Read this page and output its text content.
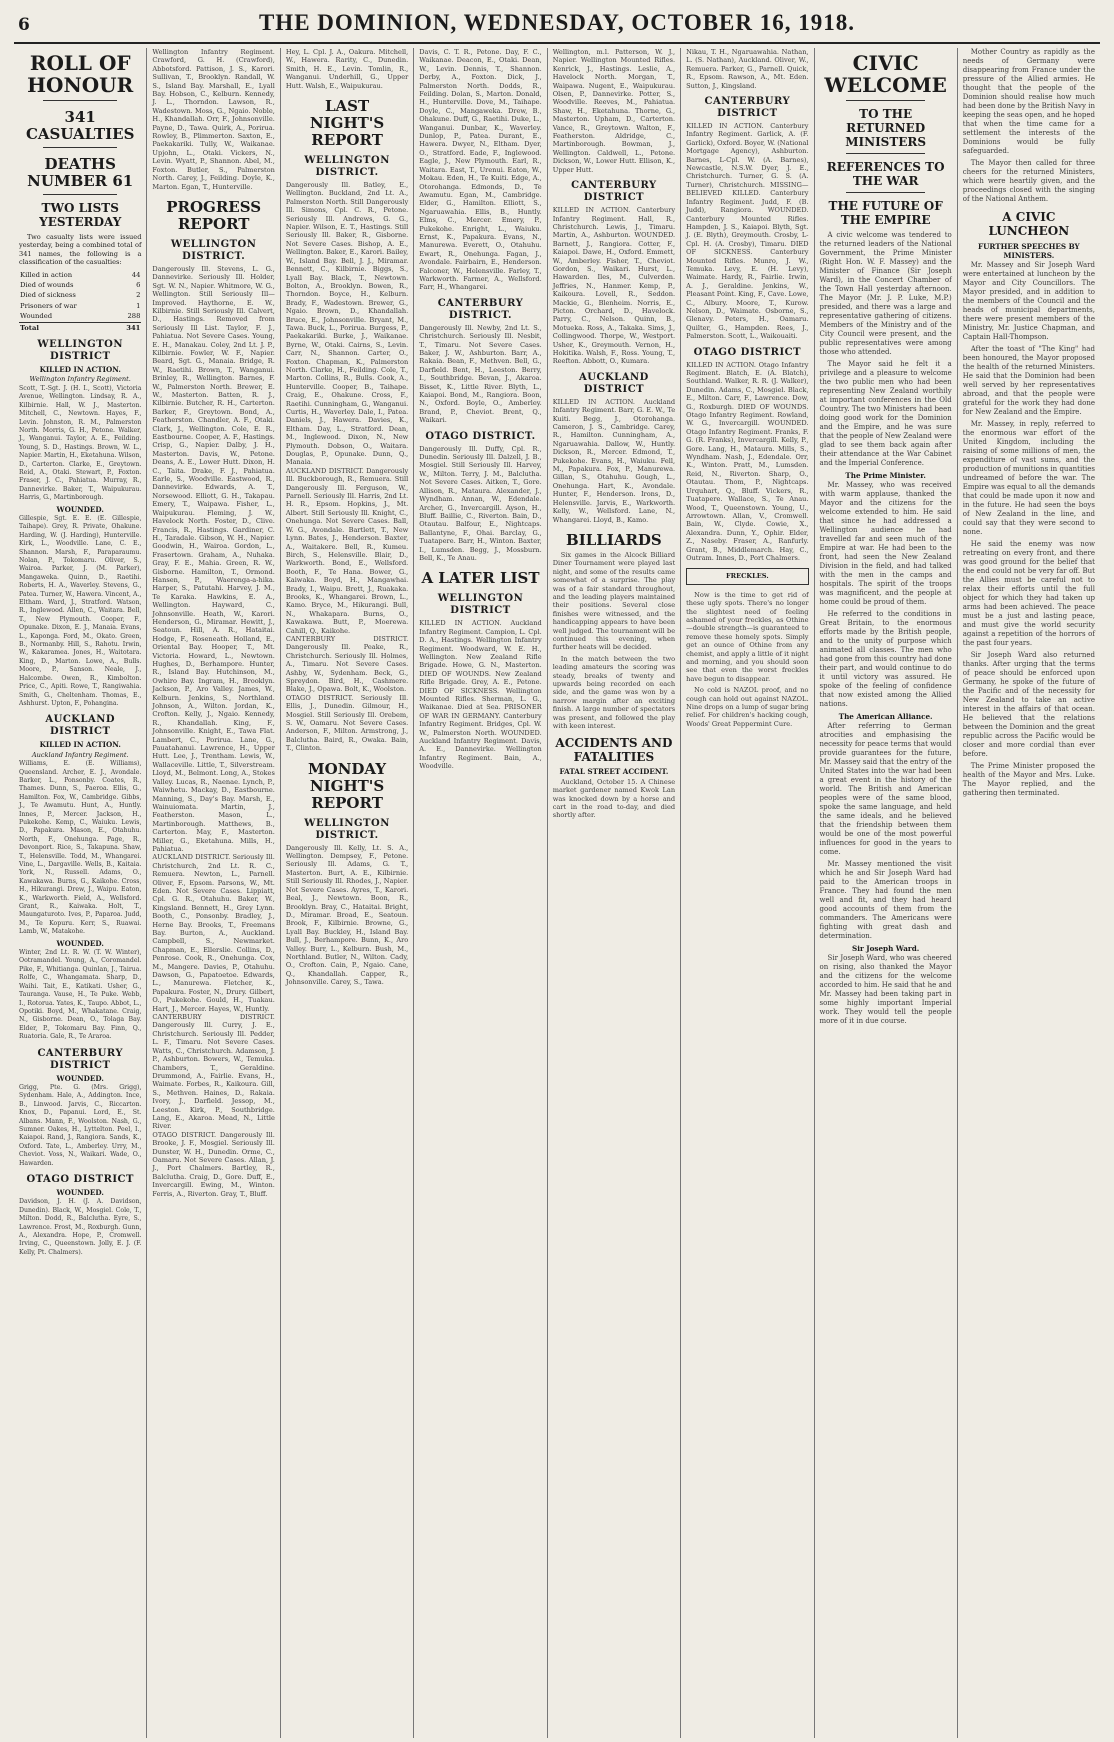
6	THE DOMINION, WEDNESDAY, OCTOBER 16, 1918.
ROLL OF HONOUR
341 CASUALTIES
DEATHS NUMBER 61
TWO LISTS YESTERDAY

Two casualty lists were issued yesterday, being a combined total of 341 names, the following is a classification of the casualties:

Killed in action	44
Died of wounds	6
Died of sickness	2
Prisoners of war	1
Wounded	288
Total	341
WELLINGTON DISTRICT
KILLED IN ACTION.
Wellington Infantry Regiment.
Scott, T.-Sgt. J. (H. I., Scott), Victoria Avenue, Wellington. Lindsay, R. A., Kilbirnie. Hall, W. J., Masterton. Mitchell, C., Newtown. Hayes, F., Levin. Johnston, R. M., Palmerston North. Morris, G. H., Petone. Walker, J., Wanganui. Taylor, A. E., Feilding. Young, S. D., Hastings. Brown, W. L., Napier. Martin, H., Eketahuna. Wilson, D., Carterton. Clarke, E., Greytown. Reid, A., Otaki. Stewart, P., Foxton. Fraser, J. C., Pahiatua. Murray, R., Dannevirke. Baker, T., Waipukurau. Harris, G., Martinborough.
WOUNDED.
Gillespie, Sgt. E. E. (E. Gillespie, Taihape). Grey, R. Private, Ohakune. Harding, W. (J. Harding), Hunterville. Kirk, L., Woodville. Lane, C. E., Shannon. Marsh, F., Paraparaumu. Nolan, P., Tokomaru. Oliver, S., Wairoa. Parker, J. (M. Parker), Mangaweka. Quinn, D., Raetihi. Roberts, H. A., Waverley. Stevens, G., Patea. Turner, W., Hawera. Vincent, A., Eltham. Ward, J., Stratford. Watson, R., Inglewood. Allen, C., Waitara. Bell, T., New Plymouth. Cooper, F., Opunake. Dixon, E. J., Manaia. Evans, L., Kaponga. Ford, M., Okato. Green, B., Normanby. Hill, S., Rahotu. Irwin, W., Kakaramea. Jones, H., Waitotara. King, D., Marton. Lowe, A., Bulls. Moore, P., Sanson. Neale, J., Halcombe. Owen, R., Kimbolton. Price, C., Apiti. Rowe, T., Rangiwahia. Smith, G., Cheltenham. Thomas, E., Ashhurst. Upton, F., Pohangina.
AUCKLAND DISTRICT
KILLED IN ACTION.
Auckland Infantry Regiment.
Williams, E. (E. Williams), Queensland. Archer, E. J., Avondale. Barker, L., Ponsonby. Coates, R., Thames. Dunn, S., Paeroa. Ellis, G., Hamilton. Fox, W., Cambridge. Gibbs, J., Te Awamutu. Hunt, A., Huntly. Innes, P., Mercer. Jackson, H., Pukekohe. Kemp, C., Waiuku. Lewis, D., Papakura. Mason, E., Otahuhu. North, F., Onehunga. Page, R., Devonport. Rice, S., Takapuna. Shaw, T., Helensville. Todd, M., Whangarei. Vine, L., Dargaville. Wells, B., Kaitaia. York, N., Russell. Adams, O., Kawakawa. Burns, G., Kaikohe. Cross, H., Hikurangi. Drew, J., Waipu. Eaton, K., Warkworth. Field, A., Wellsford. Grant, R., Kaiwaka. Holt, T., Maungaturoto. Ives, P., Paparoa. Judd, M., Te Kopuru. Kerr, S., Ruawai. Lamb, W., Matakohe.
WOUNDED.
Winter, 2nd Lt. R. W. (T. W. Winter), Ootramandel. Young, A., Coromandel. Pike, F., Whitianga. Quinlan, J., Tairua. Rolfe, C., Whangamata. Sharp, D., Waihi. Tait, E., Katikati. Usher, G., Tauranga. Vause, H., Te Puke. Webb, I., Rotorua. Yates, K., Taupo. Abbot, L., Opotiki. Boyd, M., Whakatane. Craig, N., Gisborne. Dean, O., Tolaga Bay. Elder, P., Tokomaru Bay. Finn, Q., Ruatoria. Gale, R., Te Araroa.
CANTERBURY DISTRICT
WOUNDED.
Grigg, Pte. G. (Mrs. Grigg), Sydenham. Hale, A., Addington. Ince, B., Linwood. Jarvis, C., Riccarton. Knox, D., Papanui. Lord, E., St. Albans. Mann, F., Woolston. Nash, G., Sumner. Oakes, H., Lyttelton. Peel, I., Kaiapoi. Rand, J., Rangiora. Sands, K., Oxford. Tate, L., Amberley. Urry, M., Cheviot. Voss, N., Waikari. Wade, O., Hawarden.
OTAGO DISTRICT
WOUNDED.
Davidson, J. H. (J. A. Davidson, Dunedin). Black, W., Mosgiel. Cole, T., Milton. Dodd, R., Balclutha. Eyre, S., Lawrence. Frost, M., Roxburgh. Gunn, A., Alexandra. Hope, P., Cromwell. Irving, C., Queenstown. Jolly, E. J. (F. Kelly, Pt. Chalmers).
Wellington Infantry Regiment. Crawford, G. H. (Crawford), Abbotsford. Pattison, J. S., Karori. Sullivan, T., Brooklyn. Randall, W. S., Island Bay. Marshall, E., Lyall Bay. Hobson, C., Kelburn. Kennedy, J. L., Thorndon. Lawson, R., Wadestown. Moss, G., Ngaio. Noble, H., Khandallah. Orr, F., Johnsonville. Payne, D., Tawa. Quirk, A., Porirua. Rowley, B., Plimmerton. Saxton, E., Paekakariki. Tully, W., Waikanae. Upjohn, L., Otaki. Vickers, N., Levin. Wyatt, P., Shannon. Abel, M., Foxton. Butler, S., Palmerston North. Carey, J., Feilding. Doyle, K., Marton. Egan, T., Hunterville.
PROGRESS REPORT
WELLINGTON DISTRICT.
Dangerously Ill. Stevens, L. G., Dannevirke. Seriously Ill. Holder, Sgt. W. N., Napier. Whitmore, W. G., Wellington. Still Seriously Ill—Improved. Haythorne, E. W., Kilbirnie. Still Seriously Ill. Calvert, D., Hastings. Removed from Seriously Ill List. Taylor, F. J., Pahiatua. Not Severe Cases. Young, E. H., Manakau. Coley, 2nd Lt. J. P., Kilbirnie. Fowler, W. F., Napier. Beard, Sgt. G., Manaia. Bridge, R. W., Raetihi. Brown, T., Wanganui. Brinley, R., Wellington. Barnes, F. W., Palmerston North. Brewer, E. W., Masterton. Batten, R. J., Kilbirnie. Butcher, R. H., Carterton. Barker, F., Greytown. Bond, A., Featherston. Chandler, A. F., Otaki. Clark, J., Wellington. Cole, E. R., Eastbourne. Cooper, A. F., Hastings. Crisp, G., Napier. Dalby, J. H., Masterton. Davis, W., Petone. Deans, A. E., Lower Hutt. Dixon, H. C., Taita. Drake, F. J., Pahiatua. Earle, S., Woodville. Eastwood, R., Dannevirke. Edwards, A. T., Norsewood. Elliott, G. H., Takapau. Emery, T., Waipawa. Fisher, L., Waipukurau. Fleming, J. W., Havelock North. Foster, D., Clive. Francis, R., Hastings. Gardiner, C. H., Taradale. Gibson, W. H., Napier. Goodwin, H., Wairoa. Gordon, L., Frasertown. Graham, A., Nuhaka. Gray, F. E., Mahia. Green, R. W., Gisborne. Hamilton, T., Ormond. Hansen, P., Waerenga-a-hika. Harper, S., Patutahi. Harvey, J. M., Te Karaka. Hawkins, E. A., Wellington. Hayward, C., Johnsonville. Heath, W., Karori. Henderson, G., Miramar. Hewitt, J., Seatoun. Hill, A. R., Hataitai. Hodge, F., Roseneath. Holland, E., Oriental Bay. Hooper, T., Mt. Victoria. Howard, L., Newtown. Hughes, D., Berhampore. Hunter, R., Island Bay. Hutchinson, M., Owhiro Bay. Ingram, H., Brooklyn. Jackson, P., Aro Valley. James, W., Kelburn. Jenkins, S., Northland. Johnson, A., Wilton. Jordan, K., Crofton. Kelly, J., Ngaio. Kennedy, R., Khandallah. King, F., Johnsonville. Knight, E., Tawa Flat. Lambert, C., Porirua. Lane, G., Pauatahanui. Lawrence, H., Upper Hutt. Lee, J., Trentham. Lewis, W., Wallaceville. Little, T., Silverstream. Lloyd, M., Belmont. Long, A., Stokes Valley. Lucas, R., Naenae. Lynch, P., Waiwhetu. Mackay, D., Eastbourne. Manning, S., Day's Bay. Marsh, E., Wainuiomata. Martin, J., Featherston. Mason, L., Martinborough. Matthews, B., Carterton. May, F., Masterton. Miller, G., Eketahuna. Mills, H., Pahiatua.
AUCKLAND DISTRICT. Seriously Ill. Christchurch, 2nd Lt. R. C., Remuera. Newton, L., Parnell. Oliver, F., Epsom. Parsons, W., Mt. Eden. Not Severe Cases. Lippiatt, Cpl. G. R., Otahuhu. Baker, W., Kingsland. Bennett, H., Grey Lynn. Booth, C., Ponsonby. Bradley, J., Herne Bay. Brooks, T., Freemans Bay. Burton, A., Auckland. Campbell, S., Newmarket. Chapman, E., Ellerslie. Collins, D., Penrose. Cook, R., Onehunga. Cox, M., Mangere. Davies, P., Otahuhu. Dawson, G., Papatoetoe. Edwards, L., Manurewa. Fletcher, K., Papakura. Foster, N., Drury. Gilbert, O., Pukekohe. Gould, H., Tuakau. Hart, J., Mercer. Hayes, W., Huntly.
CANTERBURY DISTRICT. Dangerously Ill. Curry, J. E., Christchurch. Seriously Ill. Pedder, L. F., Timaru. Not Severe Cases. Watts, C., Christchurch. Adamson, J. P., Ashburton. Bowers, W., Temuka. Chambers, T., Geraldine. Drummond, A., Fairlie. Evans, H., Waimate. Forbes, R., Kaikoura. Gill, S., Methven. Haines, D., Rakaia. Ivory, J., Darfield. Jessop, M., Leeston. Kirk, P., Southbridge. Lang, E., Akaroa. Mead, N., Little River.
OTAGO DISTRICT. Dangerously Ill. Brooke, J. F., Mosgiel. Seriously Ill. Dunster, W. H., Dunedin. Orme, C., Oamaru. Not Severe Cases. Allan, J. J., Port Chalmers. Bartley, R., Balclutha. Craig, D., Gore. Duff, E., Invercargill. Ewing, M., Winton. Ferris, A., Riverton. Gray, T., Bluff.
Hey, L. Cpl. J. A., Oakura. Mitchell, W., Hawera. Rarity, C., Dunedin. Smith, H. E., Levin. Tomlin, R., Wanganui. Underhill, G., Upper Hutt. Walsh, E., Waipukurau.
LAST NIGHT'S REPORT
WELLINGTON DISTRICT.
Dangerously Ill. Batley, E., Wellington. Buckland, 2nd Lt. A., Palmerston North. Still Dangerously Ill. Simons, Cpl. C. R., Petone. Seriously Ill. Andrews, G. G., Napier. Wilson, E. T., Hastings. Still Seriously Ill. Baker, R., Gisborne. Not Severe Cases. Bishop, A. E., Wellington. Baker, E., Karori. Bailey, W., Island Bay. Bell, J. J., Miramar. Bennett, C., Kilbirnie. Biggs, S., Lyall Bay. Black, T., Newtown. Bolton, A., Brooklyn. Bowen, R., Thorndon. Boyce, H., Kelburn. Brady, F., Wadestown. Brewer, G., Ngaio. Brown, D., Khandallah. Bruce, E., Johnsonville. Bryant, M., Tawa. Buck, L., Porirua. Burgess, P., Paekakariki. Burke, J., Waikanae. Byrne, W., Otaki. Cairns, S., Levin. Carr, N., Shannon. Carter, O., Foxton. Chapman, K., Palmerston North. Clarke, H., Feilding. Cole, T., Marton. Collins, R., Bulls. Cook, A., Hunterville. Cooper, B., Taihape. Craig, E., Ohakune. Cross, F., Raetihi. Cunningham, G., Wanganui. Curtis, H., Waverley. Dale, I., Patea. Daniels, J., Hawera. Davies, K., Eltham. Day, L., Stratford. Dean, M., Inglewood. Dixon, N., New Plymouth. Dobson, O., Waitara. Douglas, P., Opunake. Dunn, Q., Manaia.
AUCKLAND DISTRICT. Dangerously Ill. Buckborough, R., Remuera. Still Dangerously Ill. Ferguson, W., Parnell. Seriously Ill. Harris, 2nd Lt. H. R., Epsom. Hopkins, J., Mt. Albert. Still Seriously Ill. Knight, C., Onehunga. Not Severe Cases. Ball, W. G., Avondale. Bartlett, T., New Lynn. Bates, J., Henderson. Baxter, A., Waitakere. Bell, R., Kumeu. Birch, S., Helensville. Blair, D., Warkworth. Bond, E., Wellsford. Booth, F., Te Hana. Bower, G., Kaiwaka. Boyd, H., Mangawhai. Brady, I., Waipu. Brett, J., Ruakaka. Brooks, K., Whangarei. Brown, L., Kamo. Bryce, M., Hikurangi. Bull, N., Whakapara. Burns, O., Kawakawa. Butt, P., Moerewa. Cahill, Q., Kaikohe.
CANTERBURY DISTRICT. Dangerously Ill. Peake, R., Christchurch. Seriously Ill. Holmes, A., Timaru. Not Severe Cases. Ashby, W., Sydenham. Beck, G., Spreydon. Bird, H., Cashmere. Blake, J., Opawa. Bolt, K., Woolston.
OTAGO DISTRICT. Seriously Ill. Ellis, J., Dunedin. Gilmour, H., Mosgiel. Still Seriously Ill. Orebem, S. W., Oamaru. Not Severe Cases. Anderson, F., Milton. Armstrong, J., Balclutha. Baird, R., Owaka. Bain, T., Clinton.
MONDAY NIGHT'S REPORT
WELLINGTON DISTRICT.
Dangerously Ill. Kelly, Lt. S. A., Wellington. Dempsey, F., Petone. Seriously Ill. Adams, G. T., Masterton. Burt, A. E., Kilbirnie. Still Seriously Ill. Rhodes, J., Napier. Not Severe Cases. Ayres, T., Karori. Beal, J., Newtown. Boon, R., Brooklyn. Bray, C., Hataitai. Bright, D., Miramar. Broad, E., Seatoun. Brook, F., Kilbirnie. Browne, G., Lyall Bay. Buckley, H., Island Bay. Bull, J., Berhampore. Bunn, K., Aro Valley. Burr, L., Kelburn. Bush, M., Northland. Butler, N., Wilton. Cady, O., Crofton. Cain, P., Ngaio. Cane, Q., Khandallah. Capper, R., Johnsonville. Carey, S., Tawa.
Davis, C. T. R., Petone. Day, F. C., Waikanae. Deacon, E., Otaki. Dean, W., Levin. Dennis, T., Shannon. Derby, A., Foxton. Dick, J., Palmerston North. Dodds, R., Feilding. Dolan, S., Marton. Donald, H., Hunterville. Dove, M., Taihape. Doyle, C., Mangaweka. Drew, B., Ohakune. Duff, G., Raetihi. Duke, L., Wanganui. Dunbar, K., Waverley. Dunlop, P., Patea. Durant, E., Hawera. Dwyer, N., Eltham. Dyer, O., Stratford. Eade, F., Inglewood. Eagle, J., New Plymouth. Earl, R., Waitara. East, T., Urenui. Eaton, W., Mokau. Eden, H., Te Kuiti. Edge, A., Otorohanga. Edmonds, D., Te Awamutu. Egan, M., Cambridge. Elder, G., Hamilton. Elliott, S., Ngaruawahia. Ellis, B., Huntly. Elms, C., Mercer. Emery, P., Pukekohe. Enright, L., Waiuku. Ernst, K., Papakura. Evans, N., Manurewa. Everett, O., Otahuhu. Ewart, R., Onehunga. Fagan, J., Avondale. Fairbairn, E., Henderson. Falconer, W., Helensville. Farley, T., Warkworth. Farmer, A., Wellsford. Farr, H., Whangarei.
CANTERBURY DISTRICT.
Dangerously Ill. Newby, 2nd Lt. S., Christchurch. Seriously Ill. Nesbit, T., Timaru. Not Severe Cases. Baker, J. W., Ashburton. Barr, A., Rakaia. Bean, F., Methven. Bell, G., Darfield. Bent, H., Leeston. Berry, I., Southbridge. Bevan, J., Akaroa. Bisset, K., Little River. Blyth, L., Kaiapoi. Bond, M., Rangiora. Boon, N., Oxford. Boyle, O., Amberley. Brand, P., Cheviot. Brent, Q., Waikari.
OTAGO DISTRICT.
Dangerously Ill. Duffy, Cpl. R., Dunedin. Seriously Ill. Dalzell, J. B., Mosgiel. Still Seriously Ill. Harvey, W., Milton. Terry, J. M., Balclutha. Not Severe Cases. Aitken, T., Gore. Allison, R., Mataura. Alexander, J., Wyndham. Annan, W., Edendale. Archer, G., Invercargill. Ayson, H., Bluff. Baillie, C., Riverton. Bain, D., Otautau. Balfour, E., Nightcaps. Ballantyne, F., Ohai. Barclay, G., Tuatapere. Barr, H., Winton. Baxter, I., Lumsden. Begg, J., Mossburn. Bell, K., Te Anau.
A LATER LIST
WELLINGTON DISTRICT
KILLED IN ACTION. Auckland Infantry Regiment. Campion, L. Cpl. D. A., Hastings. Wellington Infantry Regiment. Woodward, W. E. H., Wellington. New Zealand Rifle Brigade. Howe, G. N., Masterton. DIED OF WOUNDS. New Zealand Rifle Brigade. Grey, A. E., Petone. DIED OF SICKNESS. Wellington Mounted Rifles. Sherman, L. G., Waikanae. Died at Sea. PRISONER OF WAR IN GERMANY. Canterbury Infantry Regiment. Bridges, Cpl. W. W., Palmerston North. WOUNDED. Auckland Infantry Regiment. Davis, A. E., Dannevirke. Wellington Infantry Regiment. Bain, A., Woodville.
Wellington, m.l. Patterson, W. J., Napier. Wellington Mounted Rifles. Kenrick, J., Hastings. Leslie, A., Havelock North. Morgan, T., Waipawa. Nugent, E., Waipukurau. Olsen, P., Dannevirke. Potter, S., Woodville. Reeves, M., Pahiatua. Shaw, H., Eketahuna. Thorne, G., Masterton. Upham, D., Carterton. Vance, R., Greytown. Walton, F., Featherston. Aldridge, C., Martinborough. Bowman, J., Wellington. Caldwell, L., Petone. Dickson, W., Lower Hutt. Ellison, K., Upper Hutt.
CANTERBURY DISTRICT
KILLED IN ACTION. Canterbury Infantry Regiment. Hall, R., Christchurch. Lewis, J., Timaru. Martin, A., Ashburton. WOUNDED. Barnett, J., Rangiora. Cotter, F., Kaiapoi. Dawe, H., Oxford. Emmett, W., Amberley. Fisher, T., Cheviot. Gordon, S., Waikari. Hurst, L., Hawarden. Iles, M., Culverden. Jeffries, N., Hanmer. Kemp, P., Kaikoura. Lovell, R., Seddon. Mackie, G., Blenheim. Norris, E., Picton. Orchard, D., Havelock. Parry, C., Nelson. Quinn, B., Motueka. Ross, A., Takaka. Sims, J., Collingwood. Thorpe, W., Westport. Usher, K., Greymouth. Vernon, H., Hokitika. Walsh, F., Ross. Young, T., Reefton. Abbott, O., Kumara.
AUCKLAND DISTRICT
KILLED IN ACTION. Auckland Infantry Regiment. Barr, G. E. W., Te Kuiti. Begg, J., Otorohanga. Cameron, J. S., Cambridge. Carey, R., Hamilton. Cunningham, A., Ngaruawahia. Dallow, W., Huntly. Dickson, R., Mercer. Edmond, T., Pukekohe. Evans, H., Waiuku. Fell, M., Papakura. Fox, P., Manurewa. Gillan, S., Otahuhu. Gough, L., Onehunga. Hart, K., Avondale. Hunter, F., Henderson. Irons, D., Helensville. Jarvis, E., Warkworth. Kelly, W., Wellsford. Lane, N., Whangarei. Lloyd, B., Kamo.
BILLIARDS

Six games in the Alcock Billiard Diner Tournament were played last night, and some of the results came somewhat of a surprise. The play was of a fair standard throughout, and the leading players maintained their positions. Several close finishes were witnessed, and the handicapping appears to have been well judged. The tournament will be continued this evening, when further heats will be decided.

In the match between the two leading amateurs the scoring was steady, breaks of twenty and upwards being recorded on each side, and the game was won by a narrow margin after an exciting finish. A large number of spectators was present, and followed the play with keen interest.

ACCIDENTS AND FATALITIES
FATAL STREET ACCIDENT.

Auckland, October 15. A Chinese market gardener named Kwok Lan was knocked down by a horse and cart in the road to-day, and died shortly after.

Nikau, T. H., Ngaruawahia. Nathan, L. (S. Nathan), Auckland. Oliver, W., Remuera. Parker, G., Parnell. Quick, R., Epsom. Rawson, A., Mt. Eden. Sutton, J., Kingsland.
CANTERBURY DISTRICT
KILLED IN ACTION. Canterbury Infantry Regiment. Garlick, A. (F. Garlick), Oxford. Boyer, W. (National Mortgage Agency), Ashburton. Barnes, L-Cpl. W. (A. Barnes), Newcastle, N.S.W. Dyer, J. E., Christchurch. Turner, G. S. (A. Turner), Christchurch. MISSING—BELIEVED KILLED. Canterbury Infantry Regiment. Judd, F. (B. Judd), Rangiora. WOUNDED. Canterbury Mounted Rifles. Hampden, J. S., Kaiapoi. Blyth, Sgt. J. (E. Blyth), Greymouth. Crosby, L-Cpl. H. (A. Crosby), Timaru. DIED OF SICKNESS. Canterbury Mounted Rifles. Munro, J. W., Temuka. Levy, E. (H. Levy), Waimate. Hardy, R., Fairlie. Irwin, A. J., Geraldine. Jenkins, W., Pleasant Point. King, F., Cave. Lowe, C., Albury. Moore, T., Kurow. Nelson, D., Waimate. Osborne, S., Glenavy. Peters, H., Oamaru. Quilter, G., Hampden. Rees, J., Palmerston. Scott, L., Waikouaiti.
OTAGO DISTRICT
KILLED IN ACTION. Otago Infantry Regiment. Blatch, E. (A. Blatch), Southland. Walker, R. R. (J. Walker), Dunedin. Adams, C., Mosgiel. Black, E., Milton. Carr, F., Lawrence. Dow, G., Roxburgh. DIED OF WOUNDS. Otago Infantry Regiment. Rowland, W. G., Invercargill. WOUNDED. Otago Infantry Regiment. Franks, F. G. (R. Franks), Invercargill. Kelly, P., Gore. Lang, H., Mataura. Mills, S., Wyndham. Nash, J., Edendale. Orr, K., Winton. Pratt, M., Lumsden. Reid, N., Riverton. Sharp, O., Otautau. Thom, P., Nightcaps. Urquhart, Q., Bluff. Vickers, R., Tuatapere. Wallace, S., Te Anau. Wood, T., Queenstown. Young, U., Arrowtown. Allan, V., Cromwell. Bain, W., Clyde. Cowie, X., Alexandra. Dunn, Y., Ophir. Elder, Z., Naseby. Fraser, A., Ranfurly. Grant, B., Middlemarch. Hay, C., Outram. Innes, D., Port Chalmers.
FRECKLES.

Now is the time to get rid of these ugly spots. There's no longer the slightest need of feeling ashamed of your freckles, as Othine—double strength—is guaranteed to remove these homely spots. Simply get an ounce of Othine from any chemist, and apply a little of it night and morning, and you should soon see that even the worst freckles have begun to disappear.

No cold is NAZOL proof, and no cough can hold out against NAZOL. Nine drops on a lump of sugar bring relief. For children's hacking cough, Woods' Great Peppermint Cure.

CIVIC WELCOME
TO THE RETURNED MINISTERS
REFERENCES TO THE WAR
THE FUTURE OF THE EMPIRE

A civic welcome was tendered to the returned leaders of the National Government, the Prime Minister (Right Hon. W. F. Massey) and the Minister of Finance (Sir Joseph Ward), in the Concert Chamber of the Town Hall yesterday afternoon. The Mayor (Mr. J. P. Luke, M.P.) presided, and there was a large and representative gathering of citizens. Members of the Ministry and of the City Council were present, and the public representatives were among those who attended.

The Mayor said he felt it a privilege and a pleasure to welcome the two public men who had been representing New Zealand worthily at important conferences in the Old Country. The two Ministers had been doing good work for the Dominion and the Empire, and he was sure that the people of New Zealand were glad to see them back again after their attendance at the War Cabinet and the Imperial Conference.

The Prime Minister.

Mr. Massey, who was received with warm applause, thanked the Mayor and the citizens for the welcome extended to him. He said that since he had addressed a Wellington audience he had travelled far and seen much of the Empire at war. He had been to the front, had seen the New Zealand Division in the field, and had talked with the men in the camps and hospitals. The spirit of the troops was magnificent, and the people at home could be proud of them.

He referred to the conditions in Great Britain, to the enormous efforts made by the British people, and to the unity of purpose which animated all classes. The men who had gone from this country had done their part, and would continue to do it until victory was assured. He spoke of the feeling of confidence that now existed among the Allied nations.

The American Alliance.

After referring to German atrocities and emphasising the necessity for peace terms that would provide guarantees for the future, Mr. Massey said that the entry of the United States into the war had been a great event in the history of the world. The British and American peoples were of the same blood, spoke the same language, and held the same ideals, and he believed that the friendship between them would be one of the most powerful influences for good in the years to come.

Mr. Massey mentioned the visit which he and Sir Joseph Ward had paid to the American troops in France. They had found the men well and fit, and they had heard good accounts of them from the commanders. The Americans were fighting with great dash and determination.

Sir Joseph Ward.

Sir Joseph Ward, who was cheered on rising, also thanked the Mayor and the citizens for the welcome accorded to him. He said that he and Mr. Massey had been taking part in some highly important Imperial work. They would tell the people more of it in due course.

Mother Country as rapidly as the needs of Germany were disappearing from France under the pressure of the Allied armies. He thought that the people of the Dominion should realise how much had been done by the British Navy in keeping the seas open, and he hoped that when the time came for a settlement the interests of the Dominions would be fully safeguarded.

The Mayor then called for three cheers for the returned Ministers, which were heartily given, and the proceedings closed with the singing of the National Anthem.

A CIVIC LUNCHEON
FURTHER SPEECHES BY MINISTERS.

Mr. Massey and Sir Joseph Ward were entertained at luncheon by the Mayor and City Councillors. The Mayor presided, and in addition to the members of the Council and the heads of municipal departments, there were present members of the Ministry, Mr. Justice Chapman, and Captain Hall-Thompson.

After the toast of "The King" had been honoured, the Mayor proposed the health of the returned Ministers. He said that the Dominion had been well served by her representatives abroad, and that the people were grateful for the work they had done for New Zealand and the Empire.

Mr. Massey, in reply, referred to the enormous war effort of the United Kingdom, including the raising of some millions of men, the expenditure of vast sums, and the production of munitions in quantities undreamed of before the war. The Empire was equal to all the demands that could be made upon it now and in the future. He had seen the boys of New Zealand in the line, and could say that they were second to none.

He said the enemy was now retreating on every front, and there was good ground for the belief that the end could not be very far off. But the Allies must be careful not to relax their efforts until the full object for which they had taken up arms had been achieved. The peace must be a just and lasting peace, and must give the world security against a repetition of the horrors of the past four years.

Sir Joseph Ward also returned thanks. After urging that the terms of peace should be enforced upon Germany, he spoke of the future of the Pacific and of the necessity for New Zealand to take an active interest in the affairs of that ocean. He believed that the relations between the Dominion and the great republic across the Pacific would be closer and more cordial than ever before.

The Prime Minister proposed the health of the Mayor and Mrs. Luke. The Mayor replied, and the gathering then terminated.
